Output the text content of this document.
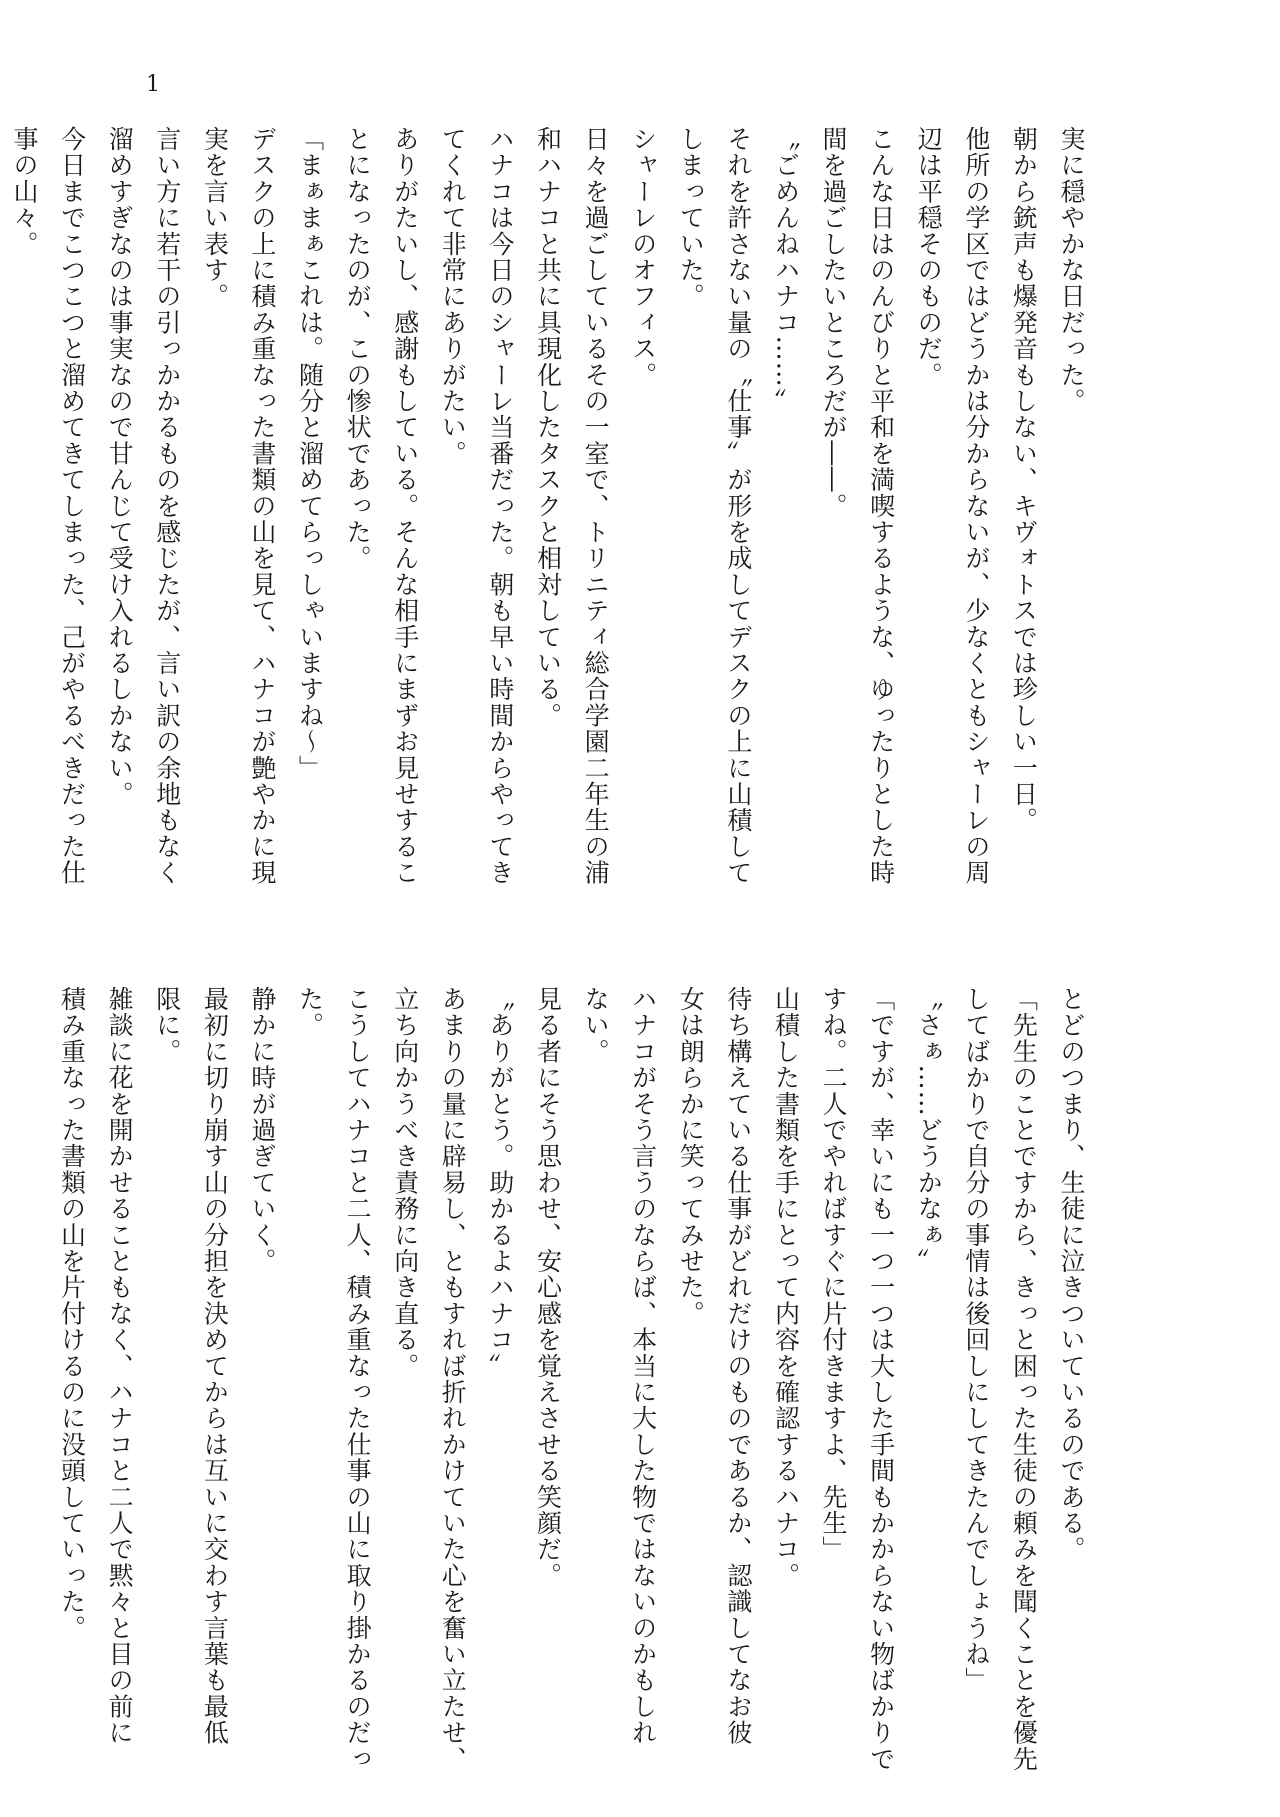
1
実に穏やかな日だった。
朝から銃声も爆発音もしない、キヴォトスでは珍しい一日。
他所の学区ではどうかは分からないが、少なくともシャーレの周
辺は平穏そのものだ。
こんな日はのんびりと平和を満喫するような、ゆったりとした時
間を過ごしたいところだが――。
〝ごめんねハナコ……〟
それを許さない量の〝仕事〟が形を成してデスクの上に山積して
しまっていた。
シャーレのオフィス。
日々を過ごしているその一室で、トリニティ総合学園二年生の浦
和ハナコと共に具現化したタスクと相対している。
ハナコは今日のシャーレ当番だった。朝も早い時間からやってき
てくれて非常にありがたい。
ありがたいし、感謝もしている。そんな相手にまずお見せするこ
とになったのが、この惨状であった。
「まぁまぁこれは。随分と溜めてらっしゃいますね～」
デスクの上に積み重なった書類の山を見て、ハナコが艶やかに現
実を言い表す。
言い方に若干の引っかかるものを感じたが、言い訳の余地もなく
溜めすぎなのは事実なので甘んじて受け入れるしかない。
今日までこつこつと溜めてきてしまった、己がやるべきだった仕
事の山々。
とどのつまり、生徒に泣きついているのである。
「先生のことですから、きっと困った生徒の頼みを聞くことを優先
してばかりで自分の事情は後回しにしてきたんでしょうね」
〝さぁ……どうかなぁ〟
「ですが、幸いにも一つ一つは大した手間もかからない物ばかりで
すね。二人でやればすぐに片付きますよ、先生」
山積した書類を手にとって内容を確認するハナコ。
待ち構えている仕事がどれだけのものであるか、認識してなお彼
女は朗らかに笑ってみせた。
ハナコがそう言うのならば、本当に大した物ではないのかもしれ
ない。
見る者にそう思わせ、安心感を覚えさせる笑顔だ。
〝ありがとう。助かるよハナコ〟
あまりの量に辟易し、ともすれば折れかけていた心を奮い立たせ、
立ち向かうべき責務に向き直る。
こうしてハナコと二人、積み重なった仕事の山に取り掛かるのだっ
た。
静かに時が過ぎていく。
最初に切り崩す山の分担を決めてからは互いに交わす言葉も最低
限に。
雑談に花を開かせることもなく、ハナコと二人で黙々と目の前に
積み重なった書類の山を片付けるのに没頭していった。
